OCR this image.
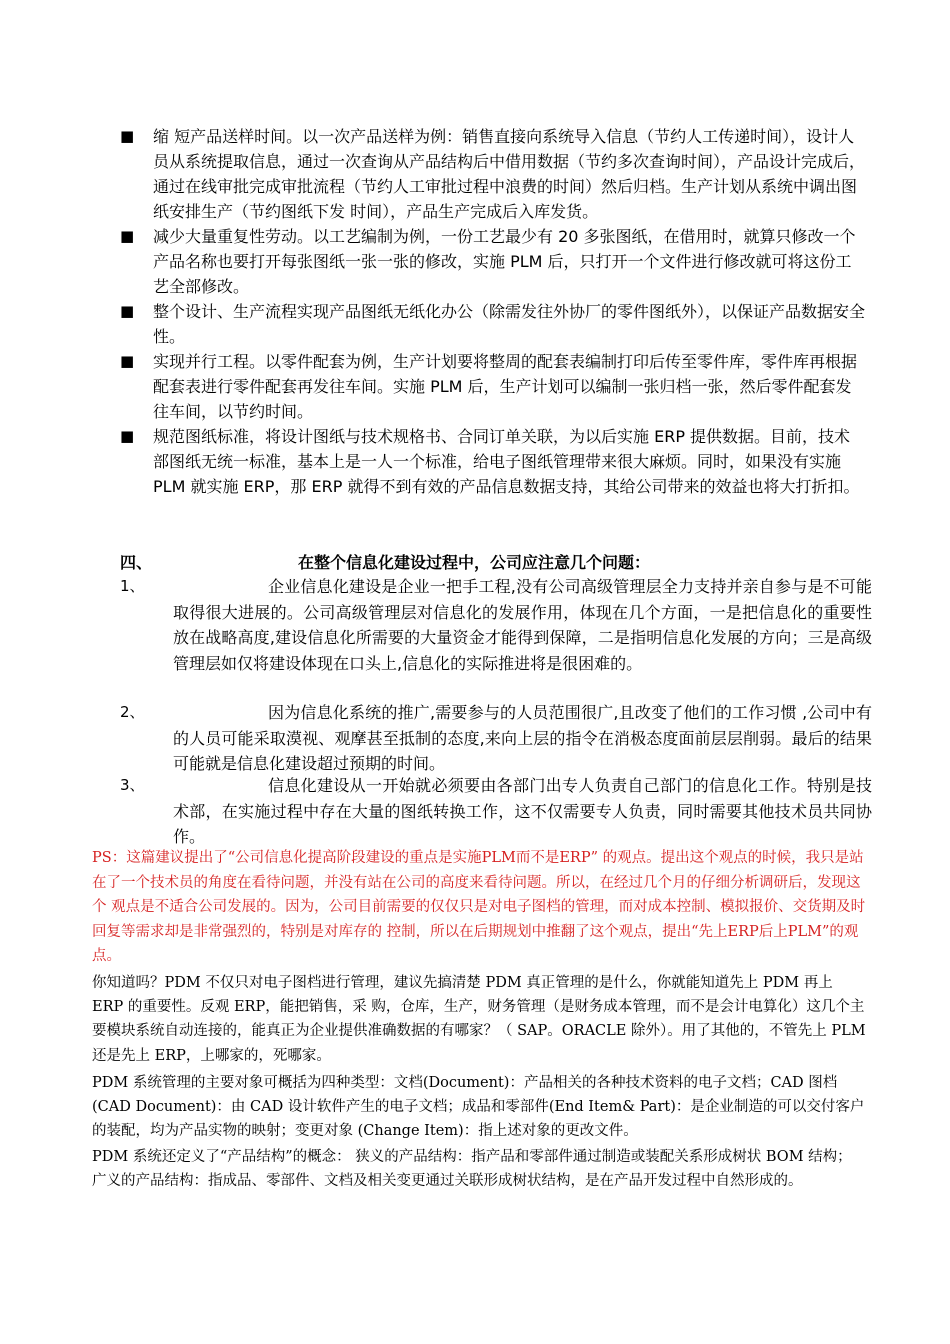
■ 缩 短产品送样时间。以一次产品送样为例：销售直接向系统导入信息（节约人工传递时间），设计人员从系统提取信息，通过一次查询从产品结构后中借用数据（节约多次查询时间），产品设计完成后，通过在线审批完成审批流程（节约人工审批过程中浪费的时间）然后归档。生产计划从系统中调出图纸安排生产（节约图纸下发 时间），产品生产完成后入库发货。
■ 减少大量重复性劳动。以工艺编制为例，一份工艺最少有 20 多张图纸，在借用时，就算只修改一个产品名称也要打开每张图纸一张一张的修改，实施 PLM 后，只打开一个文件进行修改就可将这份工艺全部修改。
■ 整个设计、生产流程实现产品图纸无纸化办公（除需发往外协厂的零件图纸外），以保证产品数据安全性。
■ 实现并行工程。以零件配套为例，生产计划要将整周的配套表编制打印后传至零件库，零件库再根据配套表进行零件配套再发往车间。实施 PLM 后，生产计划可以编制一张归档一张，然后零件配套发往车间，以节约时间。
■ 规范图纸标准，将设计图纸与技术规格书、合同订单关联，为以后实施 ERP 提供数据。目前，技术部图纸无统一标准，基本上是一人一个标准，给电子图纸管理带来很大麻烦。同时，如果没有实施 PLM 就实施 ERP，那 ERP 就得不到有效的产品信息数据支持，其给公司带来的效益也将大打折扣。
四、	在整个信息化建设过程中，公司应注意几个问题：
1、	企业信息化建设是企业一把手工程,没有公司高级管理层全力支持并亲自参与是不可能取得很大进展的。公司高级管理层对信息化的发展作用，体现在几个方面，一是把信息化的重要性放在战略高度,建设信息化所需要的大量资金才能得到保障，二是指明信息化发展的方向；三是高级管理层如仅将建设体现在口头上,信息化的实际推进将是很困难的。
2、	因为信息化系统的推广,需要参与的人员范围很广,且改变了他们的工作习惯 ,公司中有的人员可能采取漠视、观摩甚至抵制的态度,来向上层的指令在消极态度面前层层削弱。最后的结果可能就是信息化建设超过预期的时间。
3、	信息化建设从一开始就必须要由各部门出专人负责自己部门的信息化工作。特别是技术部，在实施过程中存在大量的图纸转换工作，这不仅需要专人负责，同时需要其他技术员共同协作。
PS：这篇建议提出了“公司信息化提高阶段建设的重点是实施PLM而不是ERP” 的观点。提出这个观点的时候，我只是站在了一个技术员的角度在看待问题，并没有站在公司的高度来看待问题。所以，在经过几个月的仔细分析调研后，发现这个 观点是不适合公司发展的。因为，公司目前需要的仅仅只是对电子图档的管理，而对成本控制、模拟报价、交货期及时回复等需求却是非常强烈的，特别是对库存的 控制，所以在后期规划中推翻了这个观点，提出“先上ERP后上PLM”的观点。
你知道吗？PDM 不仅只对电子图档进行管理，建议先搞清楚 PDM 真正管理的是什么，你就能知道先上 PDM 再上 ERP 的重要性。反观 ERP，能把销售，采 购，仓库，生产，财务管理（是财务成本管理，而不是会计电算化）这几个主要模块系统自动连接的，能真正为企业提供准确数据的有哪家？（ SAP。ORACLE 除外）。用了其他的，不管先上 PLM 还是先上 ERP，上哪家的，死哪家。
PDM 系统管理的主要对象可概括为四种类型：文档(Document)：产品相关的各种技术资料的电子文档；CAD 图档(CAD Document)：由 CAD 设计软件产生的电子文档；成品和零部件(End Item& Part)：是企业制造的可以交付客户的装配，均为产品实物的映射；变更对象 (Change Item)：指上述对象的更改文件。
PDM 系统还定义了“产品结构”的概念： 狭义的产品结构：指产品和零部件通过制造或装配关系形成树状 BOM 结构；广义的产品结构：指成品、零部件、文档及相关变更通过关联形成树状结构，是在产品开发过程中自然形成的。
